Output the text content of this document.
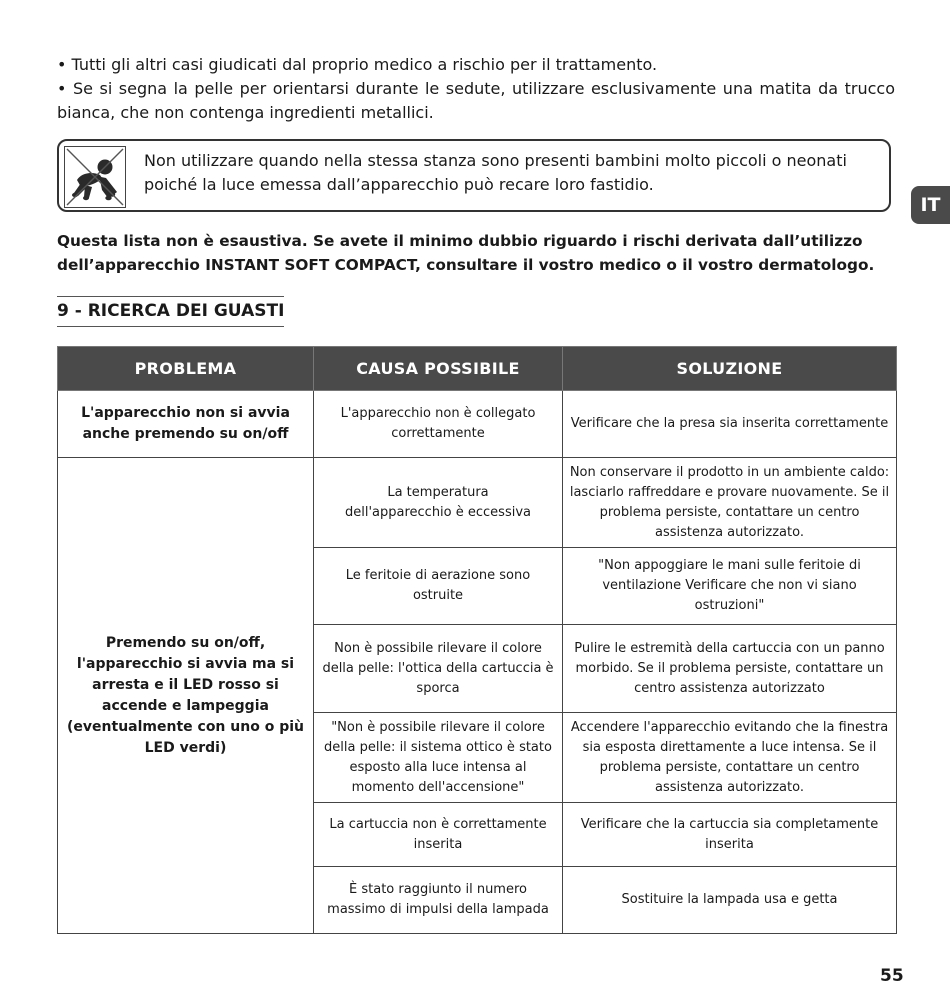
• Tutti gli altri casi giudicati dal proprio medico a rischio per il trattamento.

• Se si segna la pelle per orientarsi durante le sedute, utilizzare esclusivamente una matita da trucco bianca, che non contenga ingredienti metallici.

Non utilizzare quando nella stessa stanza sono presenti bambini molto piccoli o neonati poiché la luce emessa dall’apparecchio può recare loro fastidio.
IT
Questa lista non è esaustiva. Se avete il minimo dubbio riguardo i rischi derivata dall’utilizzo dell’apparecchio INSTANT SOFT COMPACT, consultare il vostro medico o il vostro dermatologo.
9 - RICERCA DEI GUASTI
PROBLEMA	CAUSA POSSIBILE	SOLUZIONE
L'apparecchio non si avvia anche premendo su on/off	L'apparecchio non è collegato correttamente	Verificare che la presa sia inserita correttamente
Premendo su on/off, l'apparecchio si avvia ma si arresta e il LED rosso si accende e lampeggia (eventualmente con uno o più LED verdi)	La temperatura dell'apparecchio è eccessiva	Non conservare il prodotto in un ambiente caldo: lasciarlo raffreddare e provare nuovamente. Se il problema persiste, contattare un centro assistenza autorizzato.
	Le feritoie di aerazione sono ostruite	"Non appoggiare le mani sulle feritoie di ventilazione Verificare che non vi siano ostruzioni"
	Non è possibile rilevare il colore della pelle: l'ottica della cartuccia è sporca	Pulire le estremità della cartuccia con un panno morbido. Se il problema persiste, contattare un centro assistenza autorizzato
	"Non è possibile rilevare il colore della pelle: il sistema ottico è stato esposto alla luce intensa al momento dell'accensione"	Accendere l'apparecchio evitando che la finestra sia esposta direttamente a luce intensa. Se il problema persiste, contattare un centro assistenza autorizzato.
	La cartuccia non è correttamente inserita	Verificare che la cartuccia sia completamente inserita
	È stato raggiunto il numero massimo di impulsi della lampada	Sostituire la lampada usa e getta
55
